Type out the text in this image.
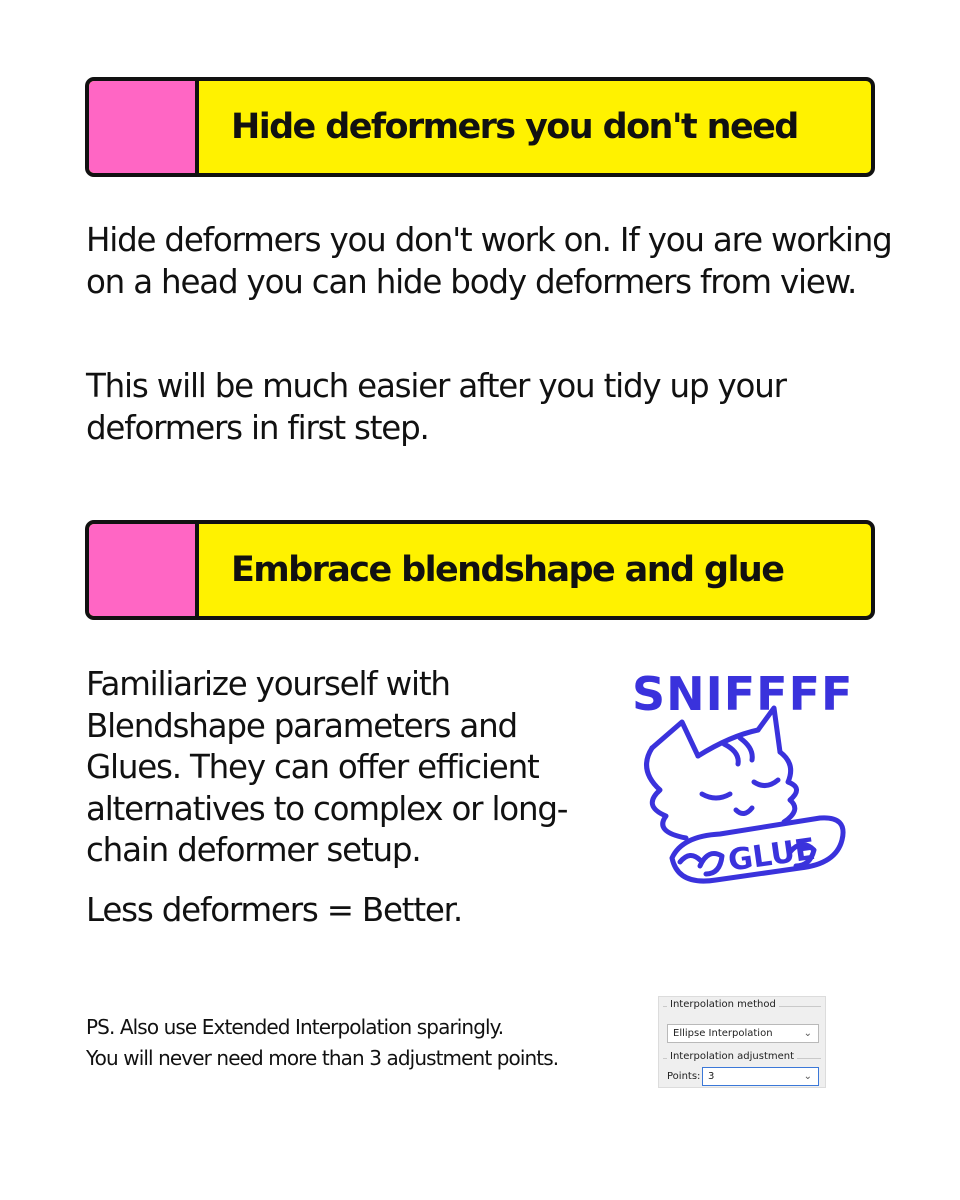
Hide deformers you don't need

Hide deformers you don't work on. If you are working on a head you can hide body deformers from view.

This will be much easier after you tidy up your deformers in first step.

Embrace blendshape and glue

Familiarize yourself with Blendshape parameters and Glues. They can offer efficient alternatives to complex or long-chain deformer setup.

Less deformers = Better.

SNIFFFF
GLUE
PS. Also use Extended Interpolation sparingly.
You will never need more than 3 adjustment points.
Interpolation method
Ellipse Interpolation	⌄
Interpolation adjustment
Points: 3	⌄
